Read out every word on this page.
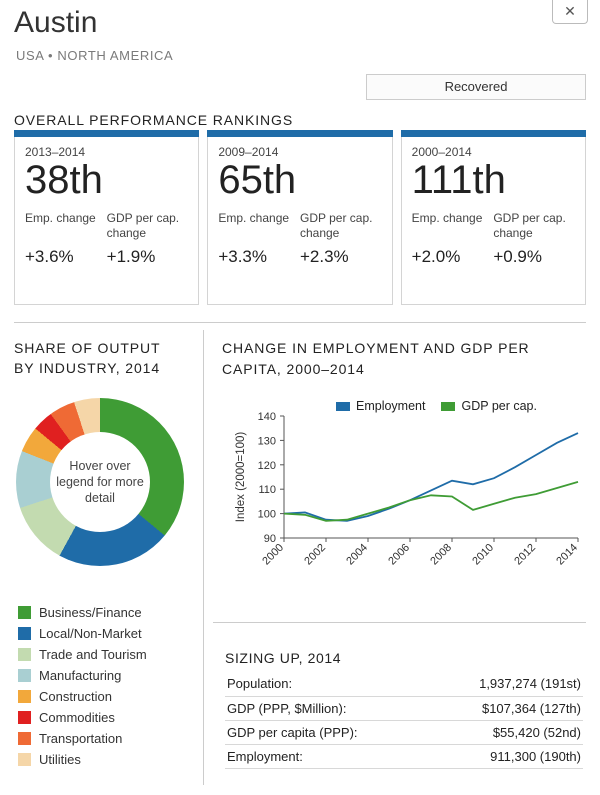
✕
Austin
USA • NORTH AMERICA
Recovered
OVERALL PERFORMANCE RANKINGS
2013–2014
38th
Emp. change
+3.6%
GDP per cap. change
+1.9%
2009–2014
65th
Emp. change
+3.3%
GDP per cap. change
+2.3%
2000–2014
111th
Emp. change
+2.0%
GDP per cap. change
+0.9%
SHARE OF OUTPUT
BY INDUSTRY, 2014
Hover over legend for more detail
Business/Finance
Local/Non-Market
Trade and Tourism
Manufacturing
Construction
Commodities
Transportation
Utilities
CHANGE IN EMPLOYMENT AND GDP PER CAPITA, 2000–2014
Employment	GDP per cap.
90
100
110
120
130
140
2000 2002 2004 2006 2008 2010 2012 2014
Index (2000=100)
SIZING UP, 2014
Population:	1,937,274 (191st)
GDP (PPP, $Million):	$107,364 (127th)
GDP per capita (PPP):	$55,420 (52nd)
Employment:	911,300 (190th)
